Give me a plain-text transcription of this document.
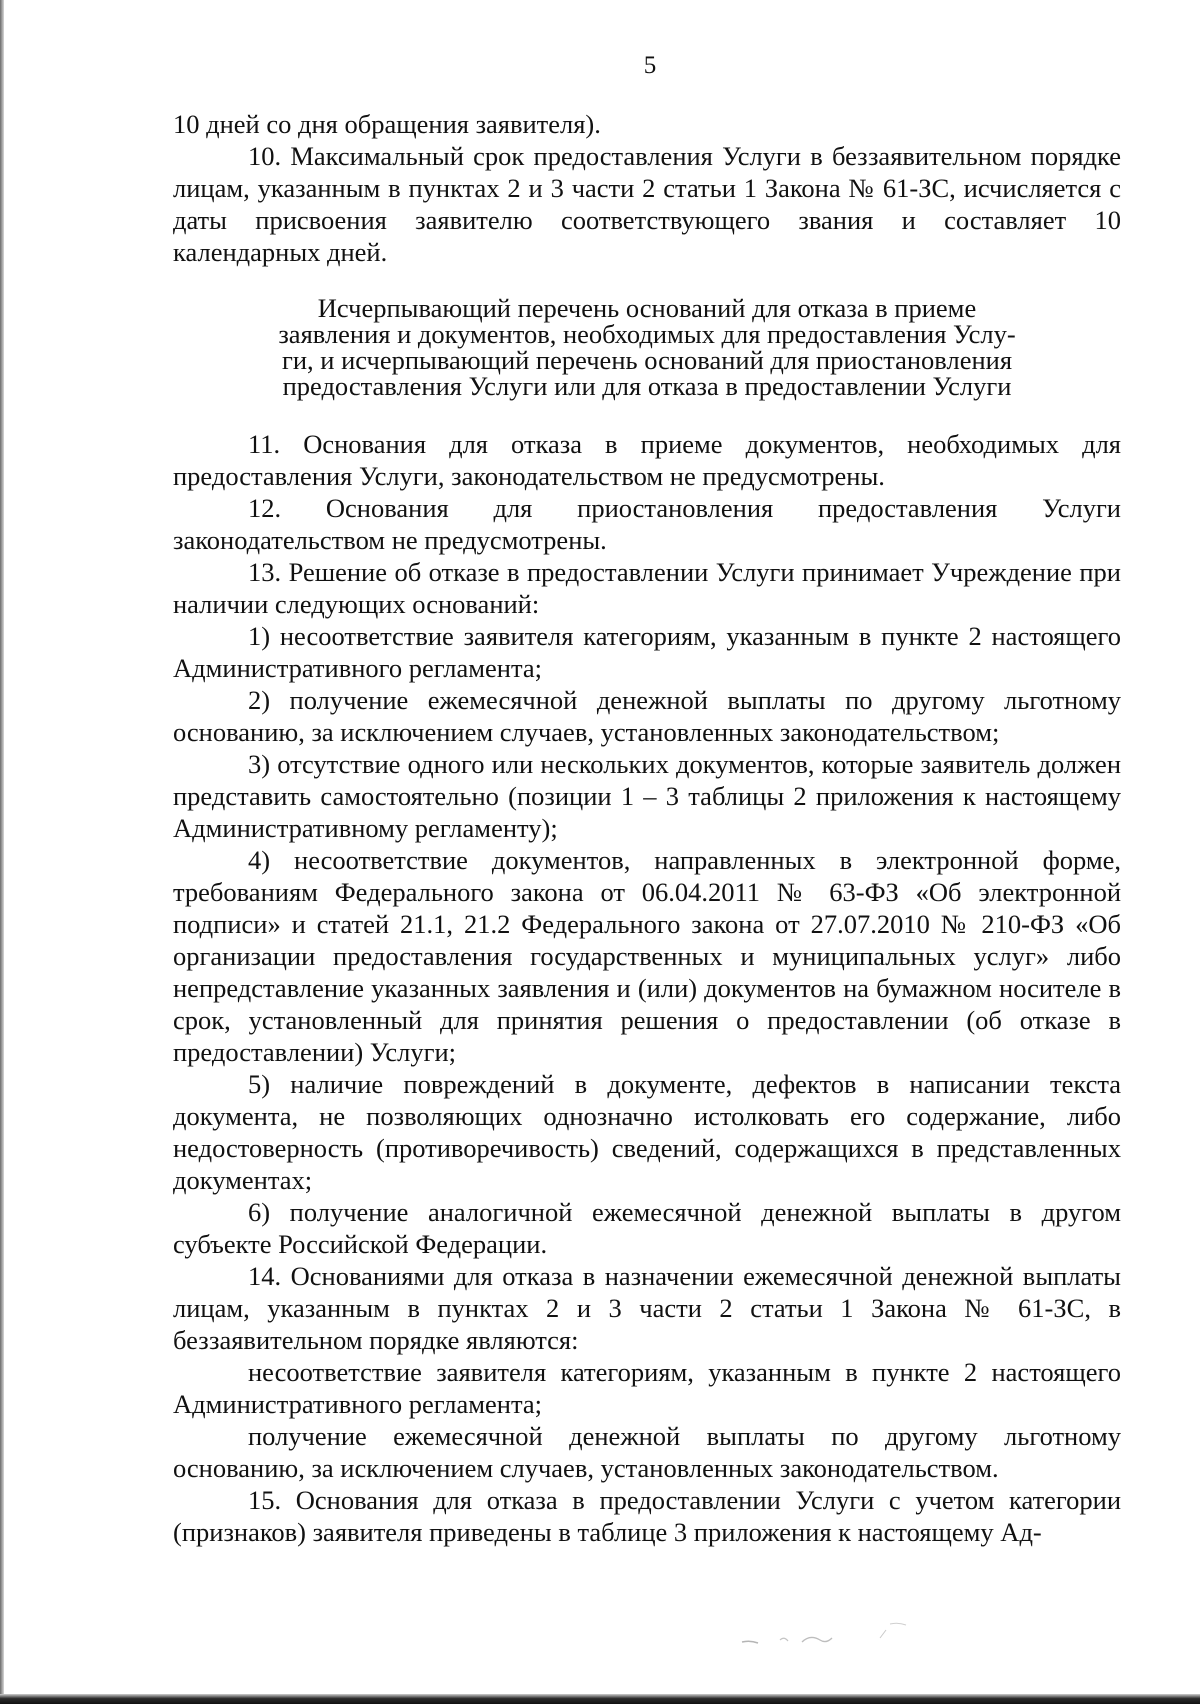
5

10 дней со дня обращения заявителя).

10. Максимальный срок предоставления Услуги в беззаявительном порядке лицам, указанным в пунктах 2 и 3 части 2 статьи 1 Закона № 61-ЗС, исчисляется с даты присвоения заявителю соответствующего звания и составляет 10 календарных дней.

Исчерпывающий перечень оснований для отказа в приеме
заявления и документов, необходимых для предоставления Услу-
ги, и исчерпывающий перечень оснований для приостановления
предоставления Услуги или для отказа в предоставлении Услуги

11. Основания для отказа в приеме документов, необходимых для предоставления Услуги, законодательством не предусмотрены.

12. Основания для приостановления предоставления Услуги законодательством не предусмотрены.

13. Решение об отказе в предоставлении Услуги принимает Учреждение при наличии следующих оснований:

1) несоответствие заявителя категориям, указанным в пункте 2 настоящего Административного регламента;

2) получение ежемесячной денежной выплаты по другому льготному основанию, за исключением случаев, установленных законодательством;

3) отсутствие одного или нескольких документов, которые заявитель должен представить самостоятельно (позиции 1 – 3 таблицы 2 приложения к настоящему Административному регламенту);

4) несоответствие документов, направленных в электронной форме, требованиям Федерального закона от 06.04.2011 № 63-ФЗ «Об электронной подписи» и статей 21.1, 21.2 Федерального закона от 27.07.2010 № 210-ФЗ «Об организации предоставления государственных и муниципальных услуг» либо непредставление указанных заявления и (или) документов на бумажном носителе в срок, установленный для принятия решения о предоставлении (об отказе в предоставлении) Услуги;

5) наличие повреждений в документе, дефектов в написании текста документа, не позволяющих однозначно истолковать его содержание, либо недостоверность (противоречивость) сведений, содержащихся в представленных документах;

6) получение аналогичной ежемесячной денежной выплаты в другом субъекте Российской Федерации.

14. Основаниями для отказа в назначении ежемесячной денежной выплаты лицам, указанным в пунктах 2 и 3 части 2 статьи 1 Закона № 61-ЗС, в беззаявительном порядке являются:

несоответствие заявителя категориям, указанным в пункте 2 настоящего Административного регламента;

получение ежемесячной денежной выплаты по другому льготному основанию, за исключением случаев, установленных законодательством.

15. Основания для отказа в предоставлении Услуги с учетом категории (признаков) заявителя приведены в таблице 3 приложения к настоящему Ад-
